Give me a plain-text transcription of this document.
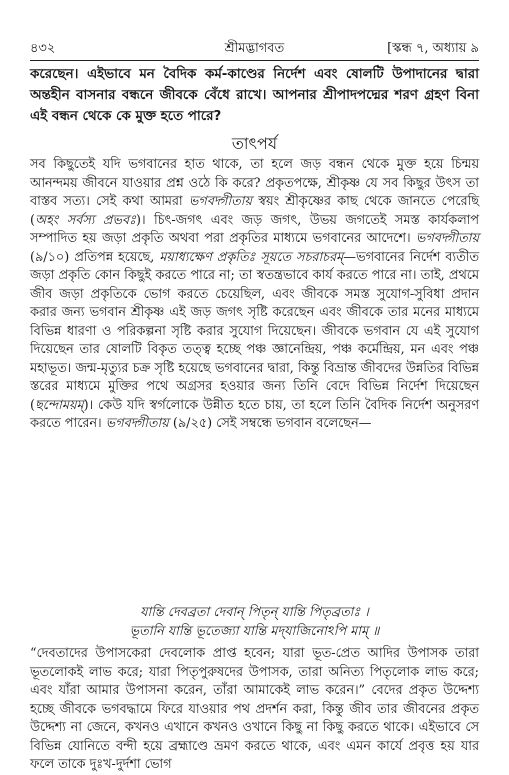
৪৩২	শ্রীমদ্ভাগবত	[স্কন্ধ ৭, অধ্যায় ৯
করেছেন। এইভাবে মন বৈদিক কর্ম-কাণ্ডের নির্দেশ এবং ষোলটি উপাদানের দ্বারা অন্তহীন বাসনার বন্ধনে জীবকে বেঁধে রাখে। আপনার শ্রীপাদপদ্মের শরণ গ্রহণ বিনা এই বন্ধন থেকে কে মুক্ত হতে পারে?
তাৎপর্য

সব কিছুতেই যদি ভগবানের হাত থাকে, তা হলে জড় বন্ধন থেকে মুক্ত হয়ে চিন্ময় আনন্দময় জীবনে যাওয়ার প্রশ্ন ওঠে কি করে? প্রকৃতপক্ষে, শ্রীকৃষ্ণ যে সব কিছুর উৎস তা বাস্তব সত্য। সেই কথা আমরা ভগবদ্গীতায় স্বয়ং শ্রীকৃষ্ণের কাছ থেকে জানতে পেরেছি (অহং সর্বস্য প্রভবঃ)। চিৎ-জগৎ এবং জড় জগৎ, উভয় জগতেই সমস্ত কার্যকলাপ সম্পাদিত হয় জড়া প্রকৃতি অথবা পরা প্রকৃতির মাধ্যমে ভগবানের আদেশে। ভগবদ্গীতায় (৯/১০) প্রতিপন্ন হয়েছে, ময়াধ্যক্ষেণ প্রকৃতিঃ সূয়তে সচরাচরম্—ভগবানের নির্দেশ ব্যতীত জড়া প্রকৃতি কোন কিছুই করতে পারে না; তা স্বতন্ত্রভাবে কার্য করতে পারে না। তাই, প্রথমে জীব জড়া প্রকৃতিকে ভোগ করতে চেয়েছিল, এবং জীবকে সমস্ত সুযোগ-সুবিধা প্রদান করার জন্য ভগবান শ্রীকৃষ্ণ এই জড় জগৎ সৃষ্টি করেছেন এবং জীবকে তার মনের মাধ্যমে বিভিন্ন ধারণা ও পরিকল্পনা সৃষ্টি করার সুযোগ দিয়েছেন। জীবকে ভগবান যে এই সুযোগ দিয়েছেন তার ষোলটি বিকৃত তত্ত্ব হচ্ছে পঞ্চ জ্ঞানেন্দ্রিয়, পঞ্চ কর্মেন্দ্রিয়, মন এবং পঞ্চ মহাভূত। জন্ম-মৃত্যুর চক্র সৃষ্টি হয়েছে ভগবানের দ্বারা, কিন্তু বিভ্রান্ত জীবদের উন্নতির বিভিন্ন স্তরের মাধ্যমে মুক্তির পথে অগ্রসর হওয়ার জন্য তিনি বেদে বিভিন্ন নির্দেশ দিয়েছেন (ছন্দোময়ম্)। কেউ যদি স্বর্গলোকে উন্নীত হতে চায়, তা হলে তিনি বৈদিক নির্দেশ অনুসরণ করতে পারেন। ভগবদ্গীতায় (৯/২৫) সেই সম্বন্ধে ভগবান বলেছেন—

যান্তি দেবব্রতা দেবান্ পিতৃন্ যান্তি পিতৃব্রতাঃ ।
ভূতানি যান্তি ভূতেজ্যা যান্তি মদ্‌যাজিনোঽপি মাম্ ॥
“দেবতাদের উপাসকেরা দেবলোক প্রাপ্ত হবেন; যারা ভূত-প্রেত আদির উপাসক তারা ভূতলোকই লাভ করে; যারা পিতৃপুরুষদের উপাসক, তারা অনিত্য পিতৃলোক লাভ করে; এবং যাঁরা আমার উপাসনা করেন, তাঁরা আমাকেই লাভ করেন।” বেদের প্রকৃত উদ্দেশ্য হচ্ছে জীবকে ভগবদ্ধামে ফিরে যাওয়ার পথ প্রদর্শন করা, কিন্তু জীব তার জীবনের প্রকৃত উদ্দেশ্য না জেনে, কখনও এখানে কখনও ওখানে কিছু না কিছু করতে থাকে। এইভাবে সে বিভিন্ন যোনিতে বন্দী হয়ে ব্রহ্মাণ্ডে ভ্রমণ করতে থাকে, এবং এমন কার্যে প্রবৃত্ত হয় যার ফলে তাকে দুঃখ-দুর্দশা ভোগ
